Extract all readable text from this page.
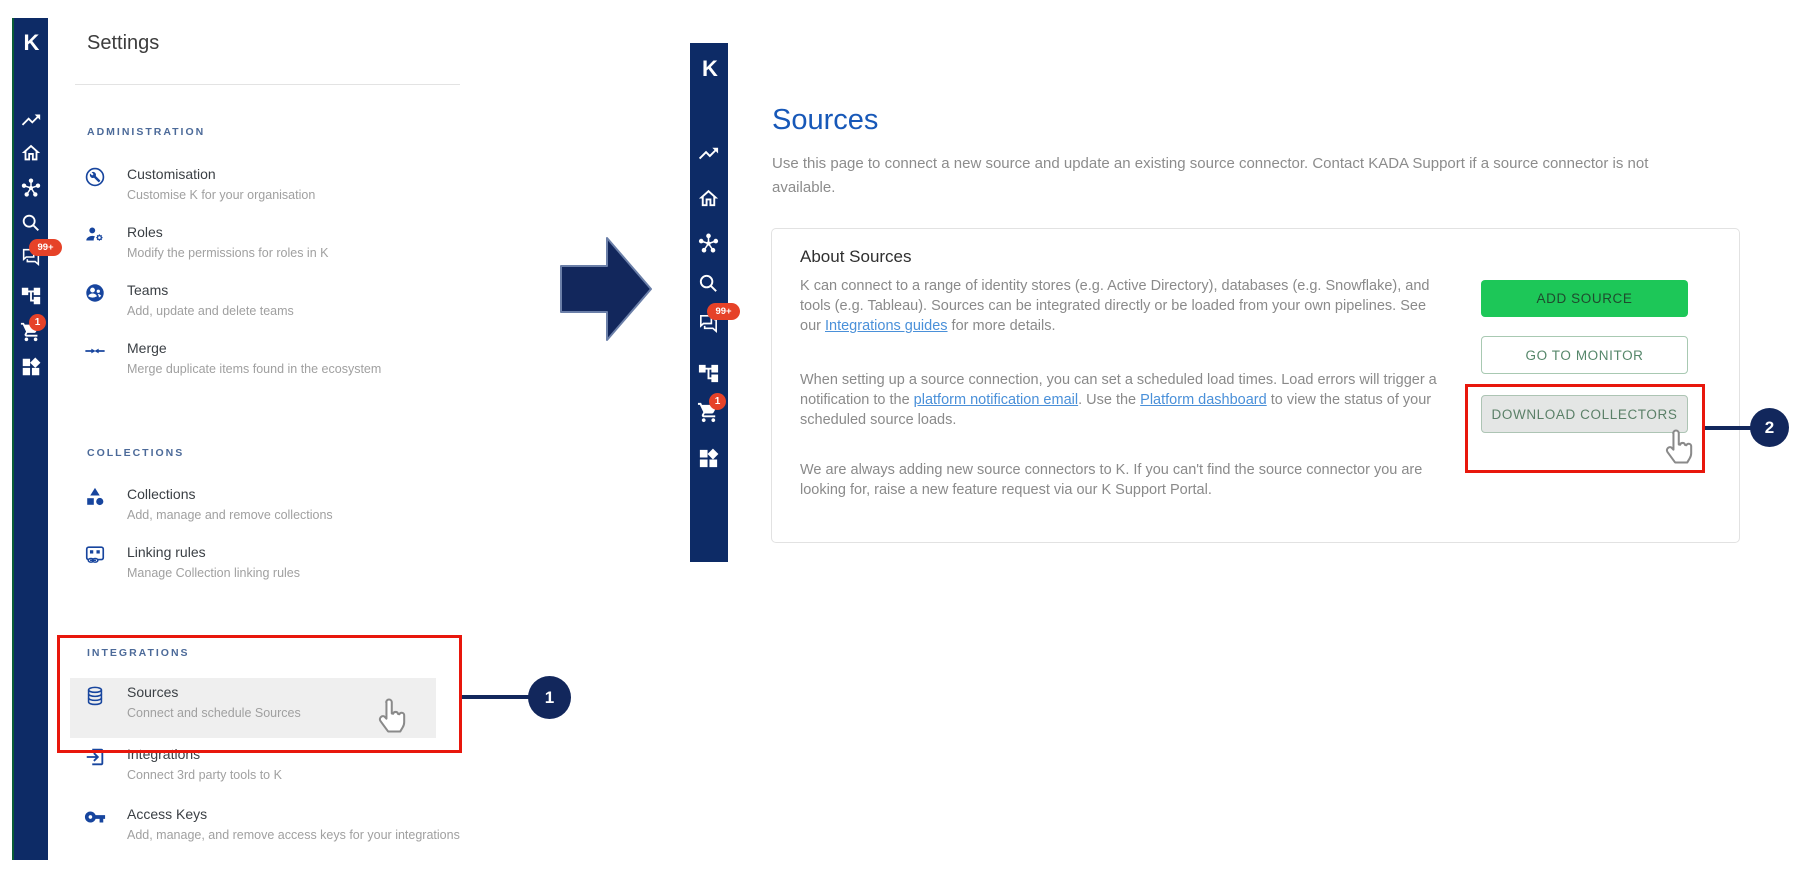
K
99+
1
Settings
ADMINISTRATION
Customisation
Customise K for your organisation
Roles
Modify the permissions for roles in K
Teams
Add, update and delete teams
Merge
Merge duplicate items found in the ecosystem
COLLECTIONS
Collections
Add, manage and remove collections
Linking rules
Manage Collection linking rules
INTEGRATIONS
Sources
Connect and schedule Sources
Integrations
Connect 3rd party tools to K
Access Keys
Add, manage, and remove access keys for your integrations
1
K
99+
1
Sources
Use this page to connect a new source and update an existing source connector. Contact KADA Support if a source connector is not available.
About Sources

K can connect to a range of identity stores (e.g. Active Directory), databases (e.g. Snowflake), and tools (e.g. Tableau). Sources can be integrated directly or be loaded from your own pipelines. See our Integrations guides for more details.

When setting up a source connection, you can set a scheduled load times. Load errors will trigger a notification to the platform notification email. Use the Platform dashboard to view the status of your scheduled source loads.

We are always adding new source connectors to K. If you can't find the source connector you are looking for, raise a new feature request via our K Support Portal.

ADD SOURCE
GO TO MONITOR
DOWNLOAD COLLECTORS
2
